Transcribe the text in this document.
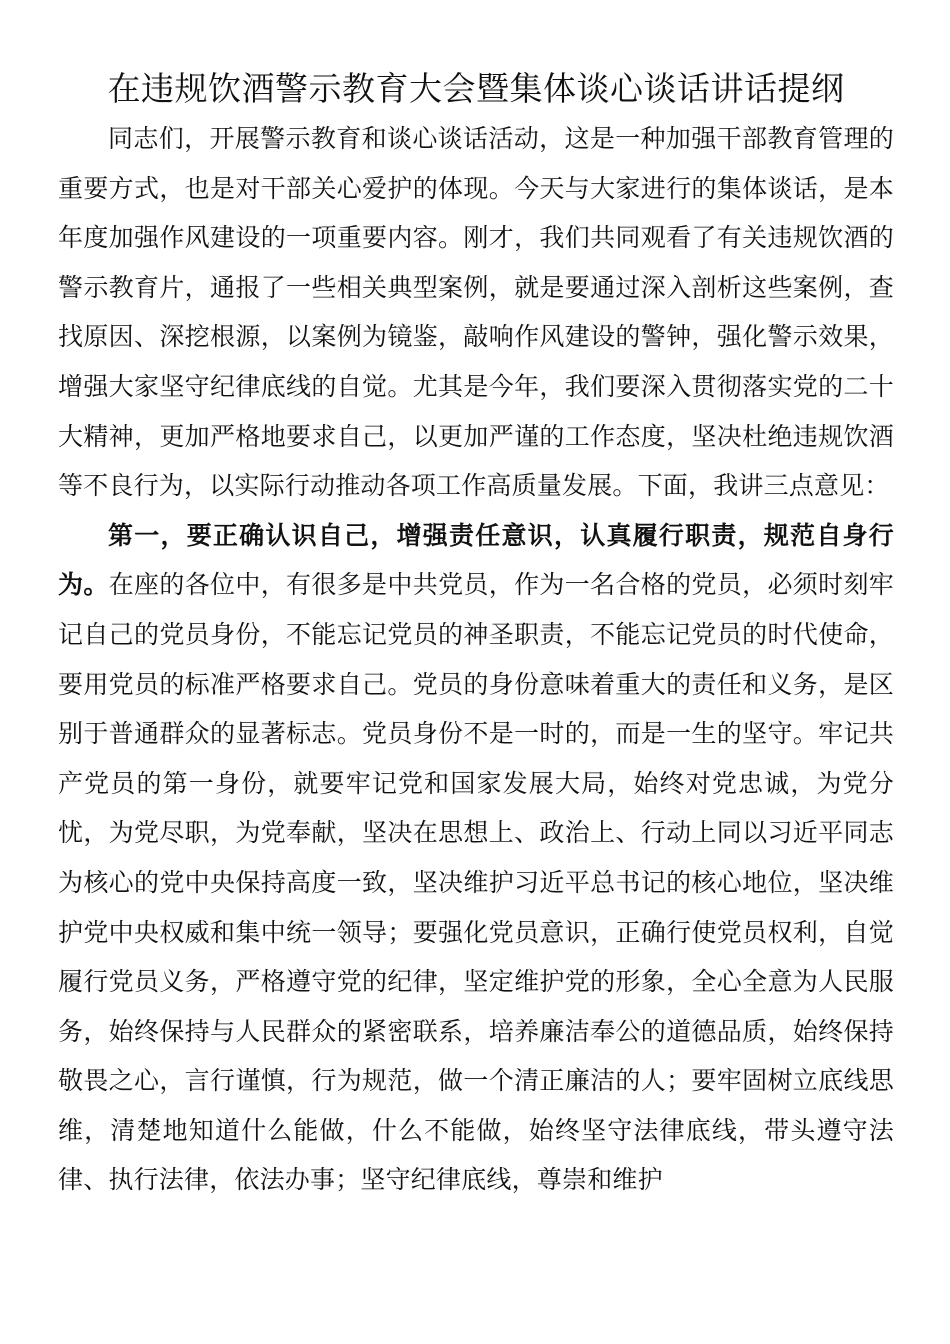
在违规饮酒警示教育大会暨集体谈心谈话讲话提纲

同志们，开展警示教育和谈心谈话活动，这是一种加强干部教育管理的重要方式，也是对干部关心爱护的体现。今天与大家进行的集体谈话，是本年度加强作风建设的一项重要内容。刚才，我们共同观看了有关违规饮酒的警示教育片，通报了一些相关典型案例，就是要通过深入剖析这些案例，查找原因、深挖根源，以案例为镜鉴，敲响作风建设的警钟，强化警示效果，增强大家坚守纪律底线的自觉。尤其是今年，我们要深入贯彻落实党的二十大精神，更加严格地要求自己，以更加严谨的工作态度，坚决杜绝违规饮酒等不良行为，以实际行动推动各项工作高质量发展。下面，我讲三点意见：

第一，要正确认识自己，增强责任意识，认真履行职责，规范自身行为。在座的各位中，有很多是中共党员，作为一名合格的党员，必须时刻牢记自己的党员身份，不能忘记党员的神圣职责，不能忘记党员的时代使命，要用党员的标准严格要求自己。党员的身份意味着重大的责任和义务，是区别于普通群众的显著标志。党员身份不是一时的，而是一生的坚守。牢记共产党员的第一身份，就要牢记党和国家发展大局，始终对党忠诚，为党分忧，为党尽职，为党奉献，坚决在思想上、政治上、行动上同以习近平同志为核心的党中央保持高度一致，坚决维护习近平总书记的核心地位，坚决维护党中央权威和集中统一领导；要强化党员意识，正确行使党员权利，自觉履行党员义务，严格遵守党的纪律，坚定维护党的形象，全心全意为人民服务，始终保持与人民群众的紧密联系，培养廉洁奉公的道德品质，始终保持敬畏之心，言行谨慎，行为规范，做一个清正廉洁的人；要牢固树立底线思维，清楚地知道什么能做，什么不能做，始终坚守法律底线，带头遵守法律、执行法律，依法办事；坚守纪律底线，尊崇和维护
